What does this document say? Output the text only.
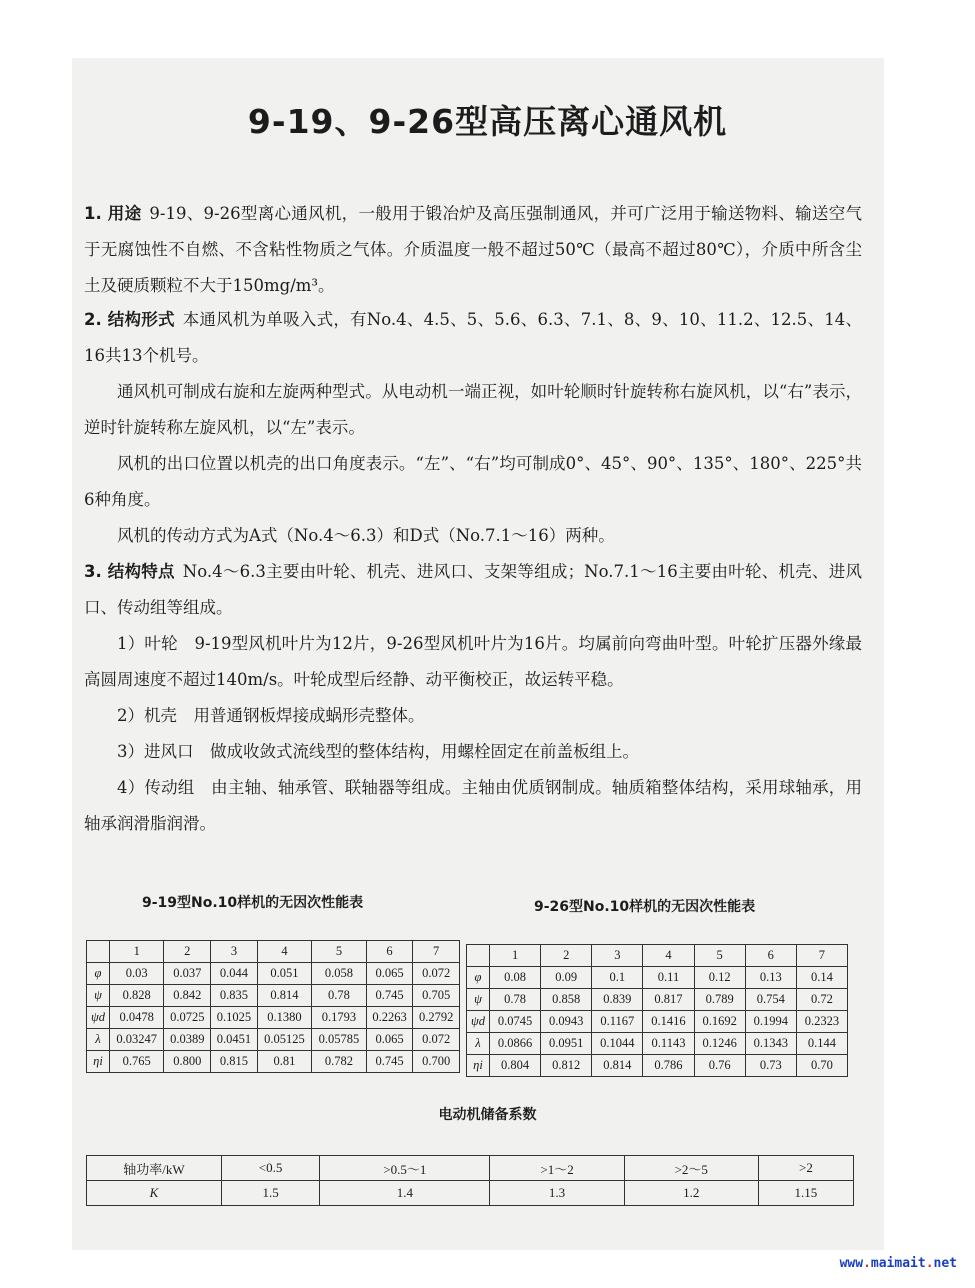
9-19、9-26型高压离心通风机

1. 用途 9-19、9-26型离心通风机，一般用于锻冶炉及高压强制通风，并可广泛用于输送物料、输送空气于无腐蚀性不自燃、不含粘性物质之气体。介质温度一般不超过50℃（最高不超过80℃），介质中所含尘土及硬质颗粒不大于150mg/m³。

2. 结构形式 本通风机为单吸入式，有No.4、4.5、5、5.6、6.3、7.1、8、9、10、11.2、12.5、14、16共13个机号。

通风机可制成右旋和左旋两种型式。从电动机一端正视，如叶轮顺时针旋转称右旋风机，以“右”表示，逆时针旋转称左旋风机，以“左”表示。

风机的出口位置以机壳的出口角度表示。“左”、“右”均可制成0°、45°、90°、135°、180°、225°共6种角度。

风机的传动方式为A式（No.4～6.3）和D式（No.7.1～16）两种。

3. 结构特点 No.4～6.3主要由叶轮、机壳、进风口、支架等组成；No.7.1～16主要由叶轮、机壳、进风口、传动组等组成。

1）叶轮　9-19型风机叶片为12片，9-26型风机叶片为16片。均属前向弯曲叶型。叶轮扩压器外缘最高圆周速度不超过140m/s。叶轮成型后经静、动平衡校正，故运转平稳。

2）机壳　用普通钢板焊接成蜗形壳整体。

3）进风口　做成收敛式流线型的整体结构，用螺栓固定在前盖板组上。

4）传动组　由主轴、轴承管、联轴器等组成。主轴由优质钢制成。轴质箱整体结构，采用球轴承，用轴承润滑脂润滑。

9-19型No.10样机的无因次性能表	9-26型No.10样机的无因次性能表
	1	2	3	4	5	6	7
φ	0.03	0.037	0.044	0.051	0.058	0.065	0.072
ψ	0.828	0.842	0.835	0.814	0.78	0.745	0.705
ψd	0.0478	0.0725	0.1025	0.1380	0.1793	0.2263	0.2792
λ	0.03247	0.0389	0.0451	0.05125	0.05785	0.065	0.072
ηi	0.765	0.800	0.815	0.81	0.782	0.745	0.700
	1	2	3	4	5	6	7
φ	0.08	0.09	0.1	0.11	0.12	0.13	0.14
ψ	0.78	0.858	0.839	0.817	0.789	0.754	0.72
ψd	0.0745	0.0943	0.1167	0.1416	0.1692	0.1994	0.2323
λ	0.0866	0.0951	0.1044	0.1143	0.1246	0.1343	0.144
ηi	0.804	0.812	0.814	0.786	0.76	0.73	0.70
电动机储备系数
轴功率/kW	<0.5	>0.5～1	>1～2	>2～5	>2
K	1.5	1.4	1.3	1.2	1.15
www.maimait.net
